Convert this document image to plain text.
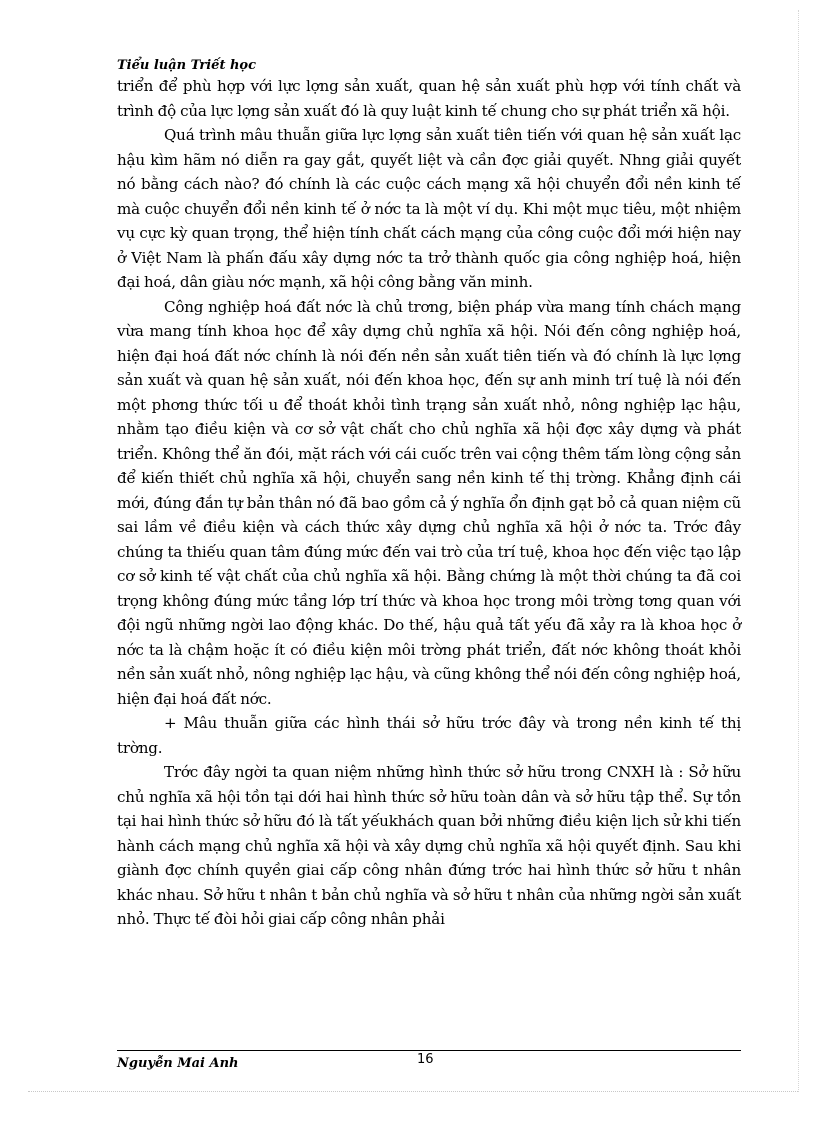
Tiểu luận Triết học

triển để phù hợp với lực lợng sản xuất, quan hệ sản xuất phù hợp với tính chất và trình độ của lực lợng sản xuất đó là quy luật kinh tế chung cho sự phát triển xã hội.

Quá trình mâu thuẫn giữa lực lợng sản xuất tiên tiến với quan hệ sản xuất lạc hậu kìm hãm nó diễn ra gay gắt, quyết liệt và cần đợc giải quyết. Nhng giải quyết nó bằng cách nào? đó chính là các cuộc cách mạng xã hội chuyển đổi nền kinh tế mà cuộc chuyển đổi nền kinh tế ở nớc ta là một ví dụ. Khi một mục tiêu, một nhiệm vụ cực kỳ quan trọng, thể hiện tính chất cách mạng của công cuộc đổi mới hiện nay ở Việt Nam là phấn đấu xây dựng nớc ta trở thành quốc gia công nghiệp hoá, hiện đại hoá, dân giàu nớc mạnh, xã hội công bằng văn minh.

Công nghiệp hoá đất nớc là chủ trơng, biện pháp vừa mang tính chách mạng vừa mang tính khoa học để xây dựng chủ nghĩa xã hội. Nói đến công nghiệp hoá, hiện đại hoá đất nớc chính là nói đến nền sản xuất tiên tiến và đó chính là lực lợng sản xuất và quan hệ sản xuất, nói đến khoa học, đến sự anh minh trí tuệ là nói đến một phơng thức tối u để thoát khỏi tình trạng sản xuất nhỏ, nông nghiệp lạc hậu, nhằm tạo điều kiện và cơ sở vật chất cho chủ nghĩa xã hội đợc xây dựng và phát triển. Không thể ăn đói, mặt rách với cái cuốc trên vai cộng thêm tấm lòng cộng sản để kiến thiết chủ nghĩa xã hội, chuyển sang nền kinh tế thị trờng. Khẳng định cái mới, đúng đắn tự bản thân nó đã bao gồm cả ý nghĩa ổn định gạt bỏ cả quan niệm cũ sai lầm về điều kiện và cách thức xây dựng chủ nghĩa xã hội ở nớc ta. Trớc đây chúng ta thiếu quan tâm đúng mức đến vai trò của trí tuệ, khoa học đến việc tạo lập cơ sở kinh tế vật chất của chủ nghĩa xã hội. Bằng chứng là một thời chúng ta đã coi trọng không đúng mức tầng lớp trí thức và khoa học trong môi trờng tơng quan với đội ngũ những ngời lao động khác. Do thế, hậu quả tất yếu đã xảy ra là khoa học ở nớc ta là chậm hoặc ít có điều kiện môi trờng phát triển, đất nớc không thoát khỏi nền sản xuất nhỏ, nông nghiệp lạc hậu, và cũng không thể nói đến công nghiệp hoá, hiện đại hoá đất nớc.

+ Mâu thuẫn giữa các hình thái sở hữu trớc đây và trong nền kinh tế thị trờng.

Trớc đây ngời ta quan niệm những hình thức sở hữu trong CNXH là : Sở hữu chủ nghĩa xã hội tồn tại dới hai hình thức sở hữu toàn dân và sở hữu tập thể. Sự tồn tại hai hình thức sở hữu đó là tất yếukhách quan bởi những điều kiện lịch sử khi tiến hành cách mạng chủ nghĩa xã hội và xây dựng chủ nghĩa xã hội quyết định. Sau khi giành đợc chính quyền giai cấp công nhân đứng trớc hai hình thức sở hữu t nhân khác nhau. Sở hữu t nhân t bản chủ nghĩa và sở hữu t nhân của những ngời sản xuất nhỏ. Thực tế đòi hỏi giai cấp công nhân phải

Nguyễn Mai Anh	16
